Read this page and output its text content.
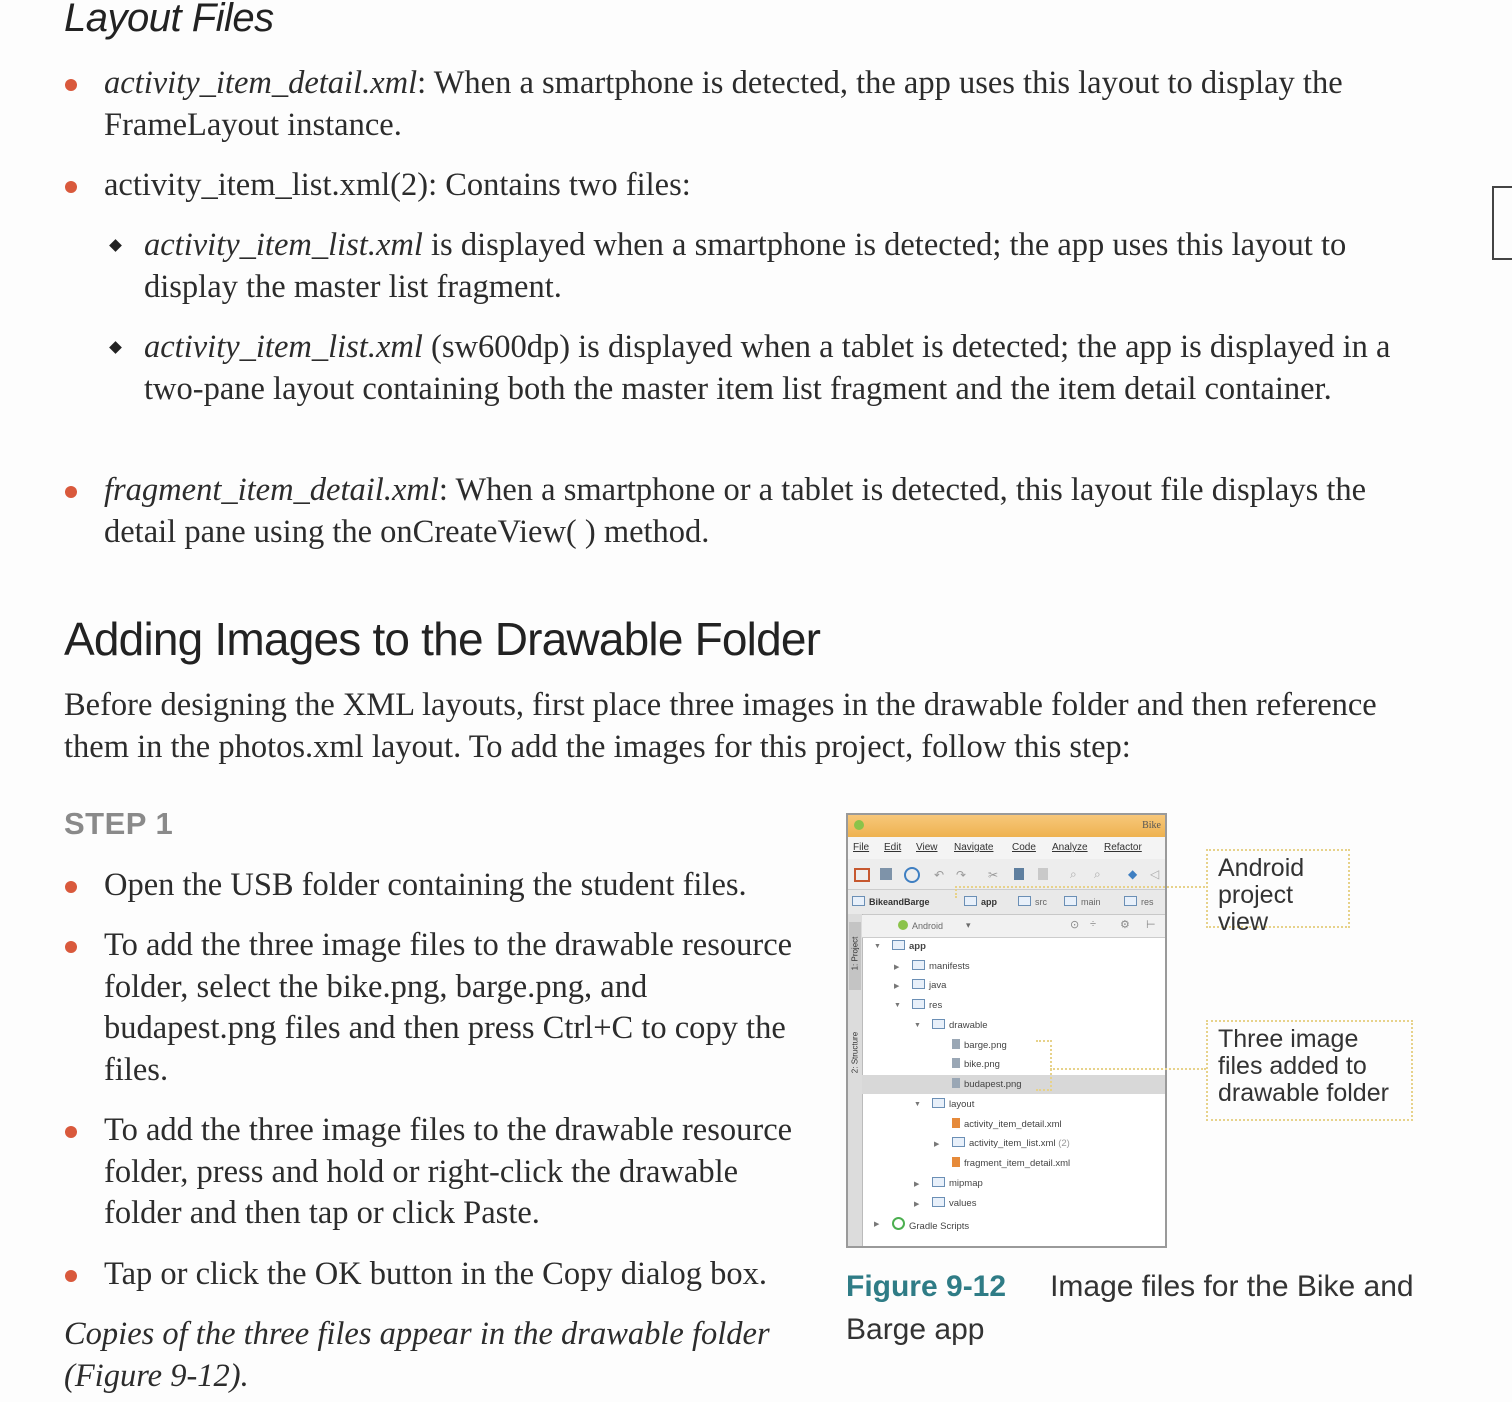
Layout Files
activity_item_detail.xml: When a smartphone is detected, the app uses this layout to display the FrameLayout instance.
activity_item_list.xml(2): Contains two files:
activity_item_list.xml is displayed when a smartphone is detected; the app uses this layout to display the master list fragment.
activity_item_list.xml (sw600dp) is displayed when a tablet is detected; the app is displayed in a two-pane layout containing both the master item list fragment and the item detail container.
fragment_item_detail.xml: When a smartphone or a tablet is detected, this layout file displays the detail pane using the onCreateView( ) method.
Adding Images to the Drawable Folder
Before designing the XML layouts, first place three images in the drawable folder and then reference them in the photos.xml layout. To add the images for this project, follow this step:
STEP 1
Open the USB folder containing the student files.
To add the three image files to the drawable resource folder, select the bike.png, barge.png, and budapest.png files and then press Ctrl+C to copy the files.
To add the three image files to the drawable resource folder, press and hold or right-click the drawable folder and then tap or click Paste.
Tap or click the OK button in the Copy dialog box.
Copies of the three files appear in the drawable folder (Figure 9-12).
Bike
File Edit View Navigate Code Analyze Refactor
↶ ↷ ✂	⌕ ⌕ ◆ ◁
BikeandBarge	app	src	main	res
1: Project
2: Structure
Android	▾	⊙ ÷ ⚙ ⊢
▼	app
▶	manifests
▶	java
▼	res
▼	drawable
barge.png
bike.png
budapest.png
▼	layout
activity_item_detail.xml
▶	activity_item_list.xml (2)
fragment_item_detail.xml
▶	mipmap
▶	values
▶	Gradle Scripts
Android project view
Three image files added to drawable folder
Figure 9-12 Image files for the Bike and Barge app
